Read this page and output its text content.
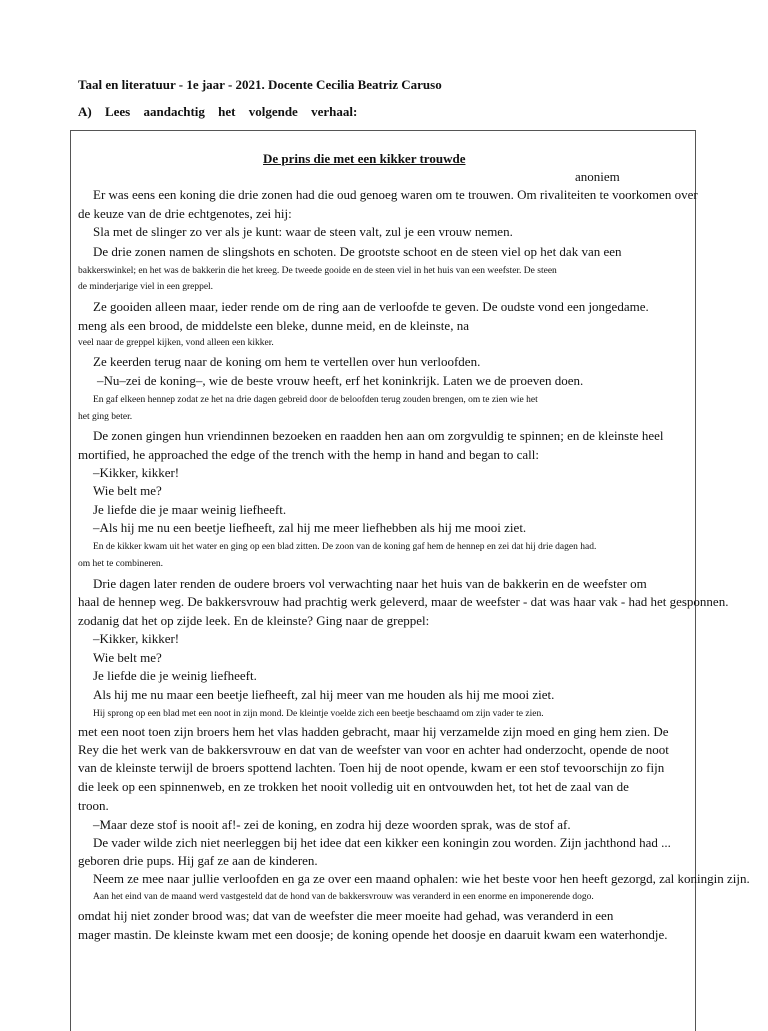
Taal en literatuur - 1e jaar - 2021. Docente Cecilia Beatriz Caruso
A) Lees aandachtig het volgende verhaal:
De prins die met een kikker trouwde
anoniem
Er was eens een koning die drie zonen had die oud genoeg waren om te trouwen. Om rivaliteiten te voorkomen over
de keuze van de drie echtgenotes, zei hij:
Sla met de slinger zo ver als je kunt: waar de steen valt, zul je een vrouw nemen.
De drie zonen namen de slingshots en schoten. De grootste schoot en de steen viel op het dak van een
bakkerswinkel; en het was de bakkerin die het kreeg. De tweede gooide en de steen viel in het huis van een weefster. De steen
de minderjarige viel in een greppel.
Ze gooiden alleen maar, ieder rende om de ring aan de verloofde te geven. De oudste vond een jongedame.
meng als een brood, de middelste een bleke, dunne meid, en de kleinste, na
veel naar de greppel kijken, vond alleen een kikker.
Ze keerden terug naar de koning om hem te vertellen over hun verloofden.
–Nu–zei de koning–, wie de beste vrouw heeft, erf het koninkrijk. Laten we de proeven doen.
En gaf elkeen hennep zodat ze het na drie dagen gebreid door de beloofden terug zouden brengen, om te zien wie het
het ging beter.
De zonen gingen hun vriendinnen bezoeken en raadden hen aan om zorgvuldig te spinnen; en de kleinste heel
mortified, he approached the edge of the trench with the hemp in hand and began to call:
–Kikker, kikker!
Wie belt me?
Je liefde die je maar weinig liefheeft.
–Als hij me nu een beetje liefheeft, zal hij me meer liefhebben als hij me mooi ziet.
En de kikker kwam uit het water en ging op een blad zitten. De zoon van de koning gaf hem de hennep en zei dat hij drie dagen had.
om het te combineren.
Drie dagen later renden de oudere broers vol verwachting naar het huis van de bakkerin en de weefster om
haal de hennep weg. De bakkersvrouw had prachtig werk geleverd, maar de weefster - dat was haar vak - had het gesponnen.
zodanig dat het op zijde leek. En de kleinste? Ging naar de greppel:
–Kikker, kikker!
Wie belt me?
Je liefde die je weinig liefheeft.
Als hij me nu maar een beetje liefheeft, zal hij meer van me houden als hij me mooi ziet.
Hij sprong op een blad met een noot in zijn mond. De kleintje voelde zich een beetje beschaamd om zijn vader te zien.
met een noot toen zijn broers hem het vlas hadden gebracht, maar hij verzamelde zijn moed en ging hem zien. De
Rey die het werk van de bakkersvrouw en dat van de weefster van voor en achter had onderzocht, opende de noot
van de kleinste terwijl de broers spottend lachten. Toen hij de noot opende, kwam er een stof tevoorschijn zo fijn
die leek op een spinnenweb, en ze trokken het nooit volledig uit en ontvouwden het, tot het de zaal van de
troon.
–Maar deze stof is nooit af!- zei de koning, en zodra hij deze woorden sprak, was de stof af.
De vader wilde zich niet neerleggen bij het idee dat een kikker een koningin zou worden. Zijn jachthond had ...
geboren drie pups. Hij gaf ze aan de kinderen.
Neem ze mee naar jullie verloofden en ga ze over een maand ophalen: wie het beste voor hen heeft gezorgd, zal koningin zijn.
Aan het eind van de maand werd vastgesteld dat de hond van de bakkersvrouw was veranderd in een enorme en imponerende dogo.
omdat hij niet zonder brood was; dat van de weefster die meer moeite had gehad, was veranderd in een
mager mastin. De kleinste kwam met een doosje; de koning opende het doosje en daaruit kwam een waterhondje.
